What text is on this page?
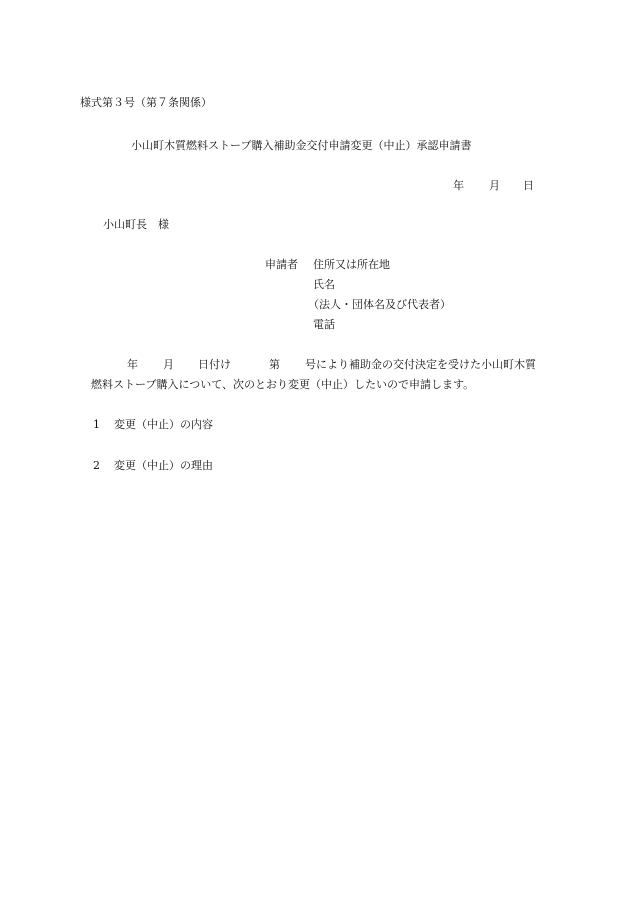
様式第３号（第７条関係）
小山町木質燃料ストーブ購入補助金交付申請変更（中止）承認申請書
年 月 日
小山町長　様
申請者 住所又は所在地
氏名
（法人・団体名及び代表者）
電話
年 月 日付け	第 号により補助金の交付決定を受けた小山町木質
燃料ストーブ購入について、次のとおり変更（中止）したいので申請します。
1 変更（中止）の内容
2 変更（中止）の理由
